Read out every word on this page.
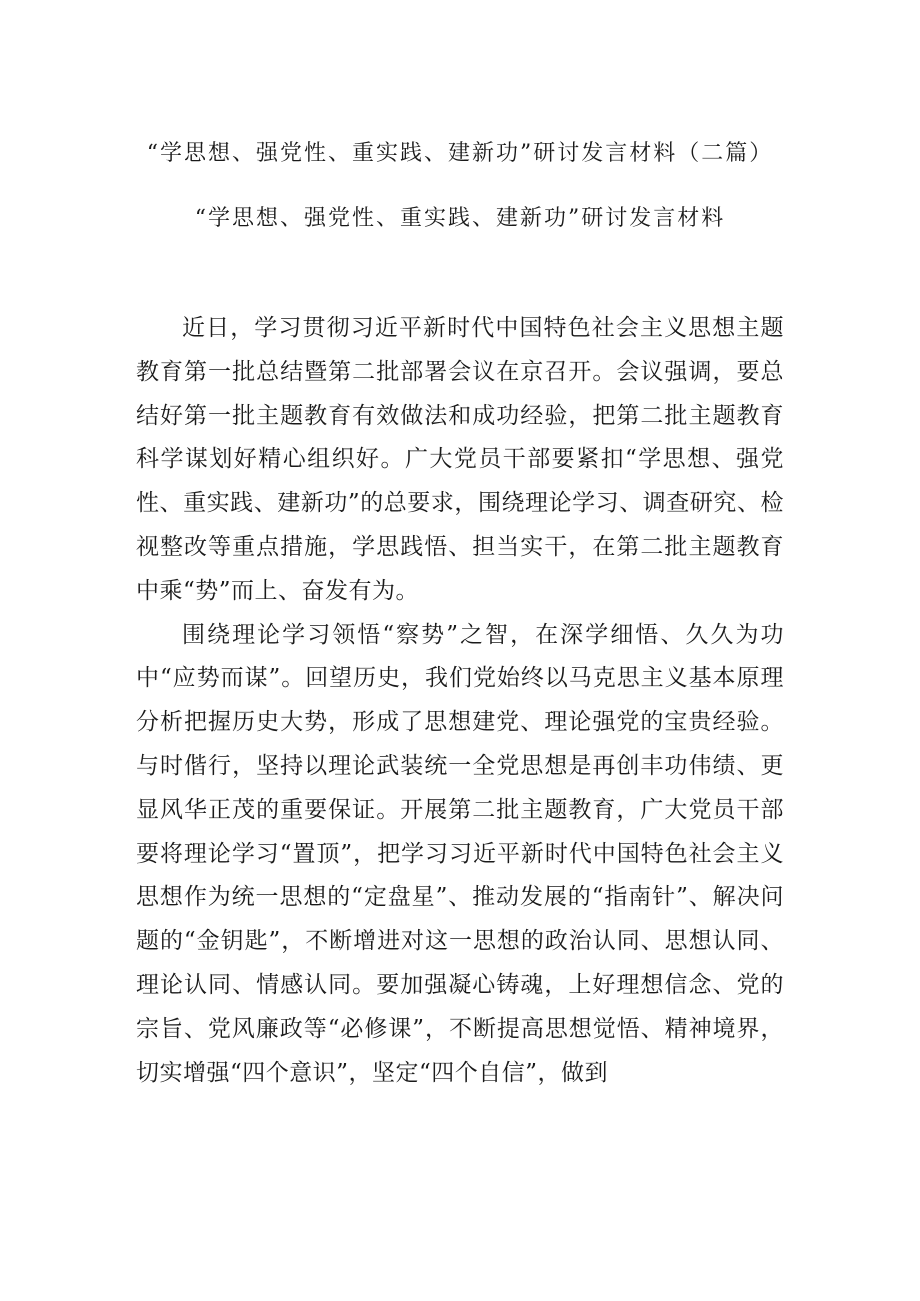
“学思想、强党性、重实践、建新功”研讨发言材料（二篇）
“学思想、强党性、重实践、建新功”研讨发言材料

近日，学习贯彻习近平新时代中国特色社会主义思想主题教育第一批总结暨第二批部署会议在京召开。会议强调，要总结好第一批主题教育有效做法和成功经验，把第二批主题教育科学谋划好精心组织好。广大党员干部要紧扣“学思想、强党性、重实践、建新功”的总要求，围绕理论学习、调查研究、检视整改等重点措施，学思践悟、担当实干，在第二批主题教育中乘“势”而上、奋发有为。

围绕理论学习领悟“察势”之智，在深学细悟、久久为功中“应势而谋”。回望历史，我们党始终以马克思主义基本原理分析把握历史大势，形成了思想建党、理论强党的宝贵经验。与时偕行，坚持以理论武装统一全党思想是再创丰功伟绩、更显风华正茂的重要保证。开展第二批主题教育，广大党员干部要将理论学习“置顶”，把学习习近平新时代中国特色社会主义思想作为统一思想的“定盘星”、推动发展的“指南针”、解决问题的“金钥匙”，不断增进对这一思想的政治认同、思想认同、理论认同、情感认同。要加强凝心铸魂，上好理想信念、党的宗旨、党风廉政等“必修课”，不断提高思想觉悟、精神境界，切实增强“四个意识”，坚定“四个自信”，做到
